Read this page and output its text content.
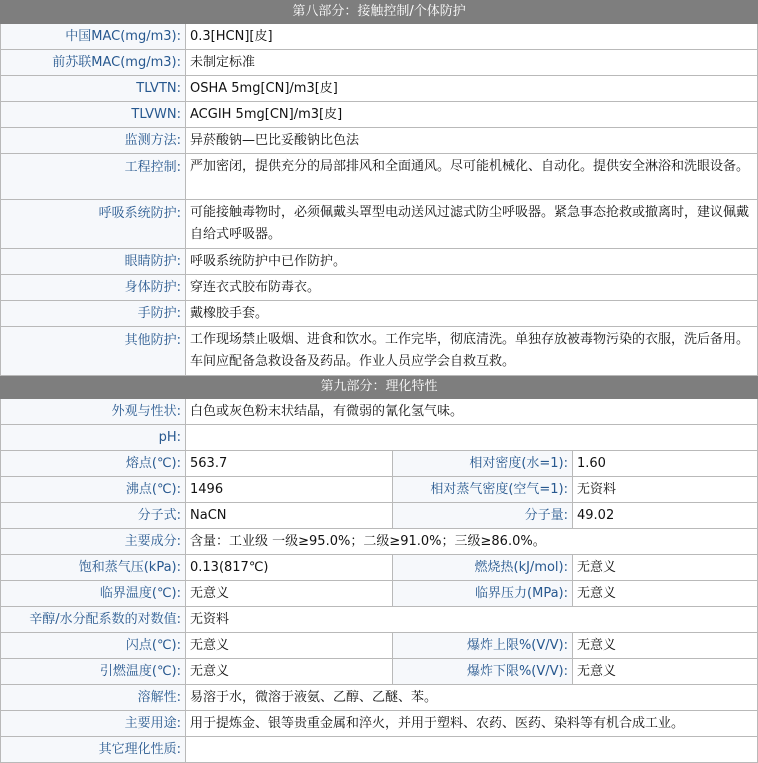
第八部分：接触控制/个体防护			
中国MAC(mg/m3):	0.3[HCN][皮]		
前苏联MAC(mg/m3):	未制定标准		
TLVTN:	OSHA 5mg[CN]/m3[皮]		
TLVWN:	ACGIH 5mg[CN]/m3[皮]		
监测方法:	异菸酸钠—巴比妥酸钠比色法		
工程控制:	严加密闭，提供充分的局部排风和全面通风。尽可能机械化、自动化。提供安全淋浴和洗眼设备。		
呼吸系统防护:	可能接触毒物时，必须佩戴头罩型电动送风过滤式防尘呼吸器。紧急事态抢救或撤离时，建议佩戴自给式呼吸器。		
眼睛防护:	呼吸系统防护中已作防护。		
身体防护:	穿连衣式胶布防毒衣。		
手防护:	戴橡胶手套。		
其他防护:	工作现场禁止吸烟、进食和饮水。工作完毕，彻底清洗。单独存放被毒物污染的衣服，洗后备用。车间应配备急救设备及药品。作业人员应学会自救互救。		
第九部分：理化特性			
外观与性状:	白色或灰色粉末状结晶，有微弱的氰化氢气味。		
pH:			
熔点(℃):	563.7	相对密度(水=1):	1.60
沸点(℃):	1496	相对蒸气密度(空气=1):	无资料
分子式:	NaCN	分子量:	49.02
主要成分:	含量：工业级 一级≥95.0%；二级≥91.0%；三级≥86.0%。		
饱和蒸气压(kPa):	0.13(817℃)	燃烧热(kJ/mol):	无意义
临界温度(℃):	无意义	临界压力(MPa):	无意义
辛醇/水分配系数的对数值:	无资料		
闪点(℃):	无意义	爆炸上限%(V/V):	无意义
引燃温度(℃):	无意义	爆炸下限%(V/V):	无意义
溶解性:	易溶于水，微溶于液氨、乙醇、乙醚、苯。		
主要用途:	用于提炼金、银等贵重金属和淬火，并用于塑料、农药、医药、染料等有机合成工业。		
其它理化性质:			
